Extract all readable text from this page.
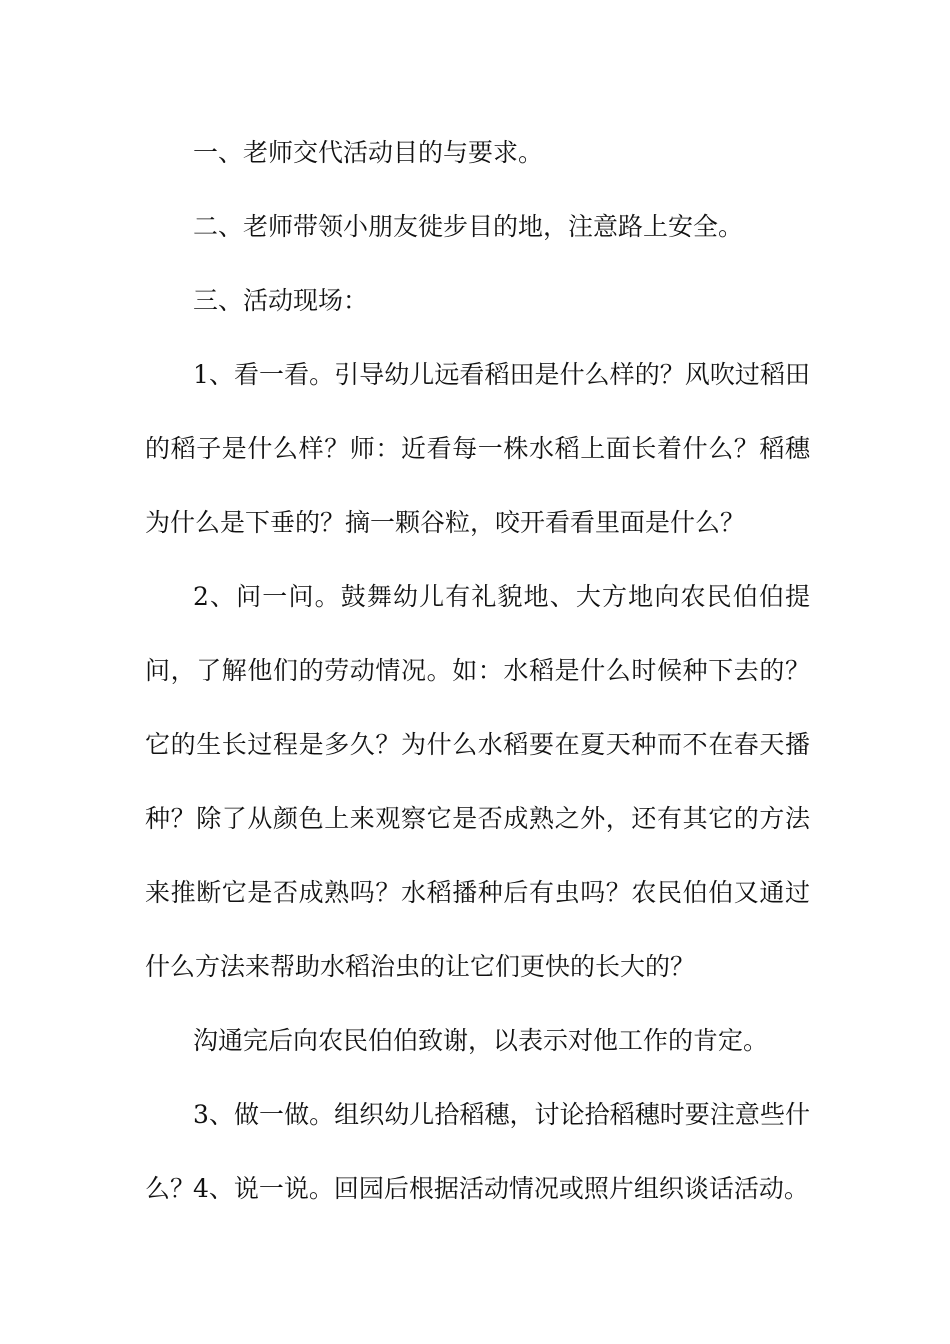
一、老师交代活动目的与要求。

二、老师带领小朋友徙步目的地，注意路上安全。

三、活动现场：

1、看一看。引导幼儿远看稻田是什么样的？风吹过稻田的稻子是什么样？师：近看每一株水稻上面长着什么？稻穗为什么是下垂的？摘一颗谷粒，咬开看看里面是什么？

2、问一问。鼓舞幼儿有礼貌地、大方地向农民伯伯提问，了解他们的劳动情况。如：水稻是什么时候种下去的？它的生长过程是多久？为什么水稻要在夏天种而不在春天播种？除了从颜色上来观察它是否成熟之外，还有其它的方法来推断它是否成熟吗？水稻播种后有虫吗？农民伯伯又通过什么方法来帮助水稻治虫的让它们更快的长大的？

沟通完后向农民伯伯致谢，以表示对他工作的肯定。

3、做一做。组织幼儿拾稻穗，讨论拾稻穗时要注意些什么？

4、说一说。回园后根据活动情况或照片组织谈话活动。
